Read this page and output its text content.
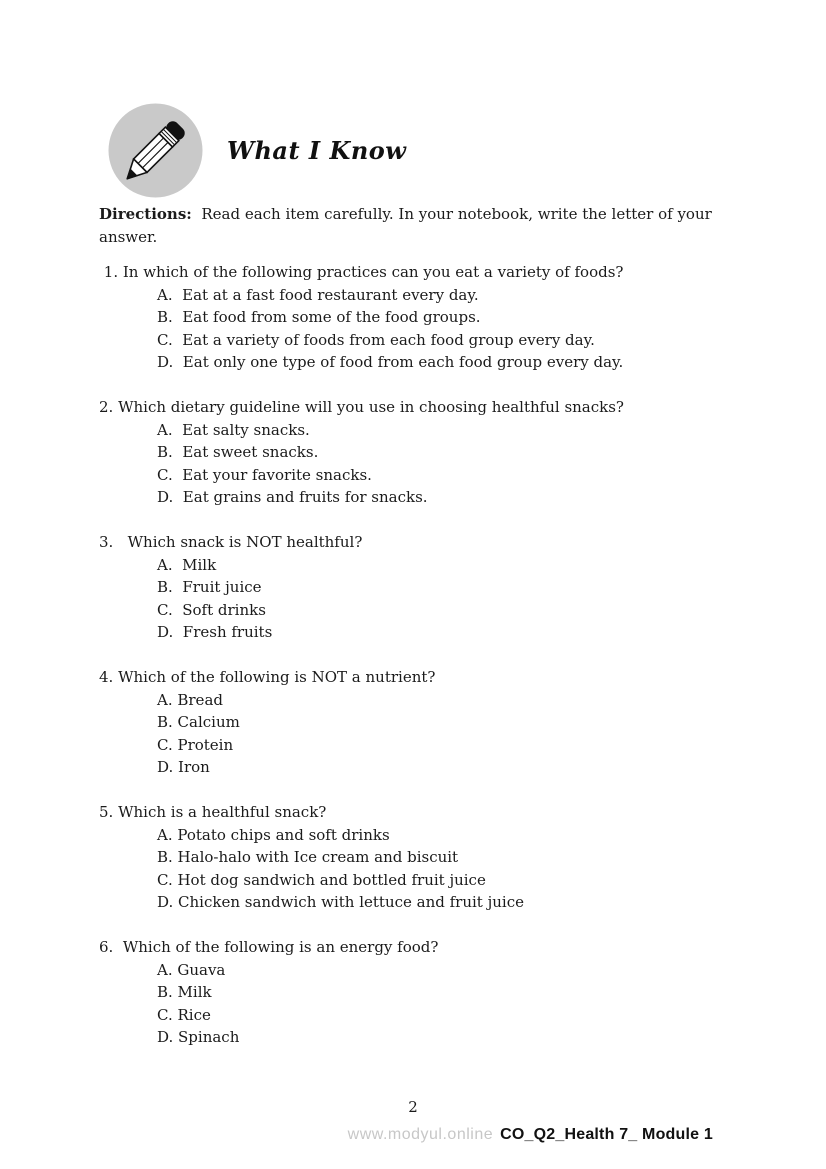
What I Know

Directions:  Read each item carefully. In your notebook, write the letter of your answer.

1. In which of the following practices can you eat a variety of foods?

A.  Eat at a fast food restaurant every day.

B.  Eat food from some of the food groups.

C.  Eat a variety of foods from each food group every day.

D.  Eat only one type of food from each food group every day.

2. Which dietary guideline will you use in choosing healthful snacks?

A.  Eat salty snacks.

B.  Eat sweet snacks.

C.  Eat your favorite snacks.

D.  Eat grains and fruits for snacks.

3.   Which snack is NOT healthful?

A.  Milk

B.  Fruit juice

C.  Soft drinks

D.  Fresh fruits

4. Which of the following is NOT a nutrient?

A. Bread

B. Calcium

C. Protein

D. Iron

5. Which is a healthful snack?

A. Potato chips and soft drinks

B. Halo-halo with Ice cream and biscuit

C. Hot dog sandwich and bottled fruit juice

D. Chicken sandwich with lettuce and fruit juice

6.  Which of the following is an energy food?

A. Guava

B. Milk

C. Rice

D. Spinach

2
www.modyul.online CO_Q2_Health 7_ Module 1
